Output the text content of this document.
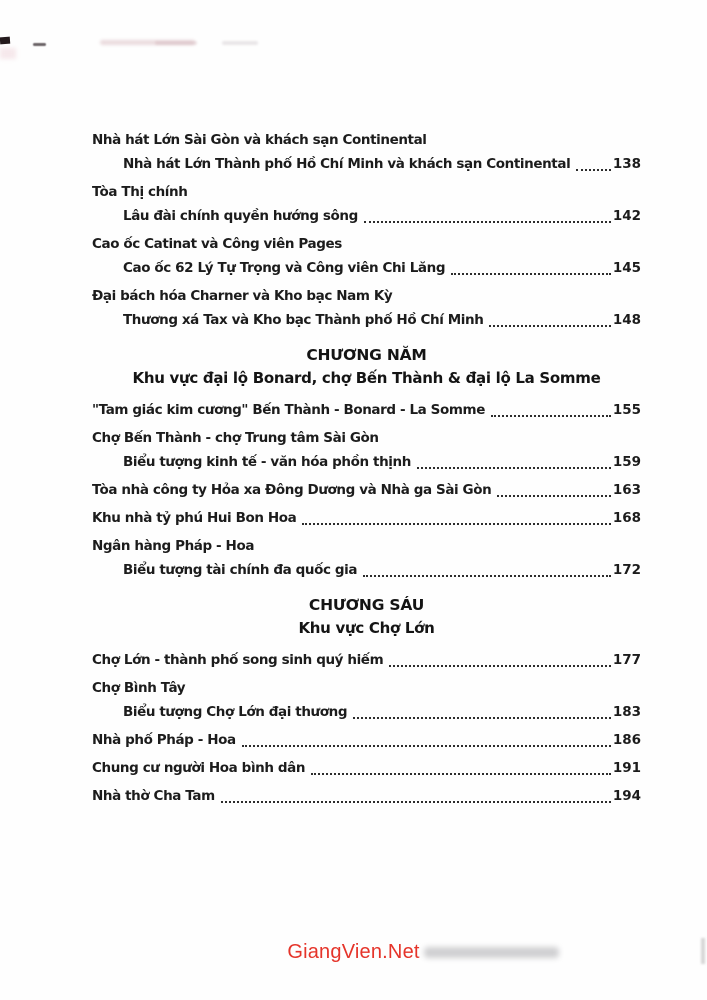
Nhà hát Lớn Sài Gòn và khách sạn Continental
Nhà hát Lớn Thành phố Hồ Chí Minh và khách sạn Continental	138
Tòa Thị chính
Lâu đài chính quyền hướng sông	142
Cao ốc Catinat và Công viên Pages
Cao ốc 62 Lý Tự Trọng và Công viên Chi Lăng	145
Đại bách hóa Charner và Kho bạc Nam Kỳ
Thương xá Tax và Kho bạc Thành phố Hồ Chí Minh	148
CHƯƠNG NĂM
Khu vực đại lộ Bonard, chợ Bến Thành & đại lộ La Somme
"Tam giác kim cương" Bến Thành - Bonard - La Somme	155
Chợ Bến Thành - chợ Trung tâm Sài Gòn
Biểu tượng kinh tế - văn hóa phồn thịnh	159
Tòa nhà công ty Hỏa xa Đông Dương và Nhà ga Sài Gòn	163
Khu nhà tỷ phú Hui Bon Hoa	168
Ngân hàng Pháp - Hoa
Biểu tượng tài chính đa quốc gia	172
CHƯƠNG SÁU
Khu vực Chợ Lớn
Chợ Lớn - thành phố song sinh quý hiếm	177
Chợ Bình Tây
Biểu tượng Chợ Lớn đại thương	183
Nhà phố Pháp - Hoa	186
Chung cư người Hoa bình dân	191
Nhà thờ Cha Tam	194
GiangVien.Net
